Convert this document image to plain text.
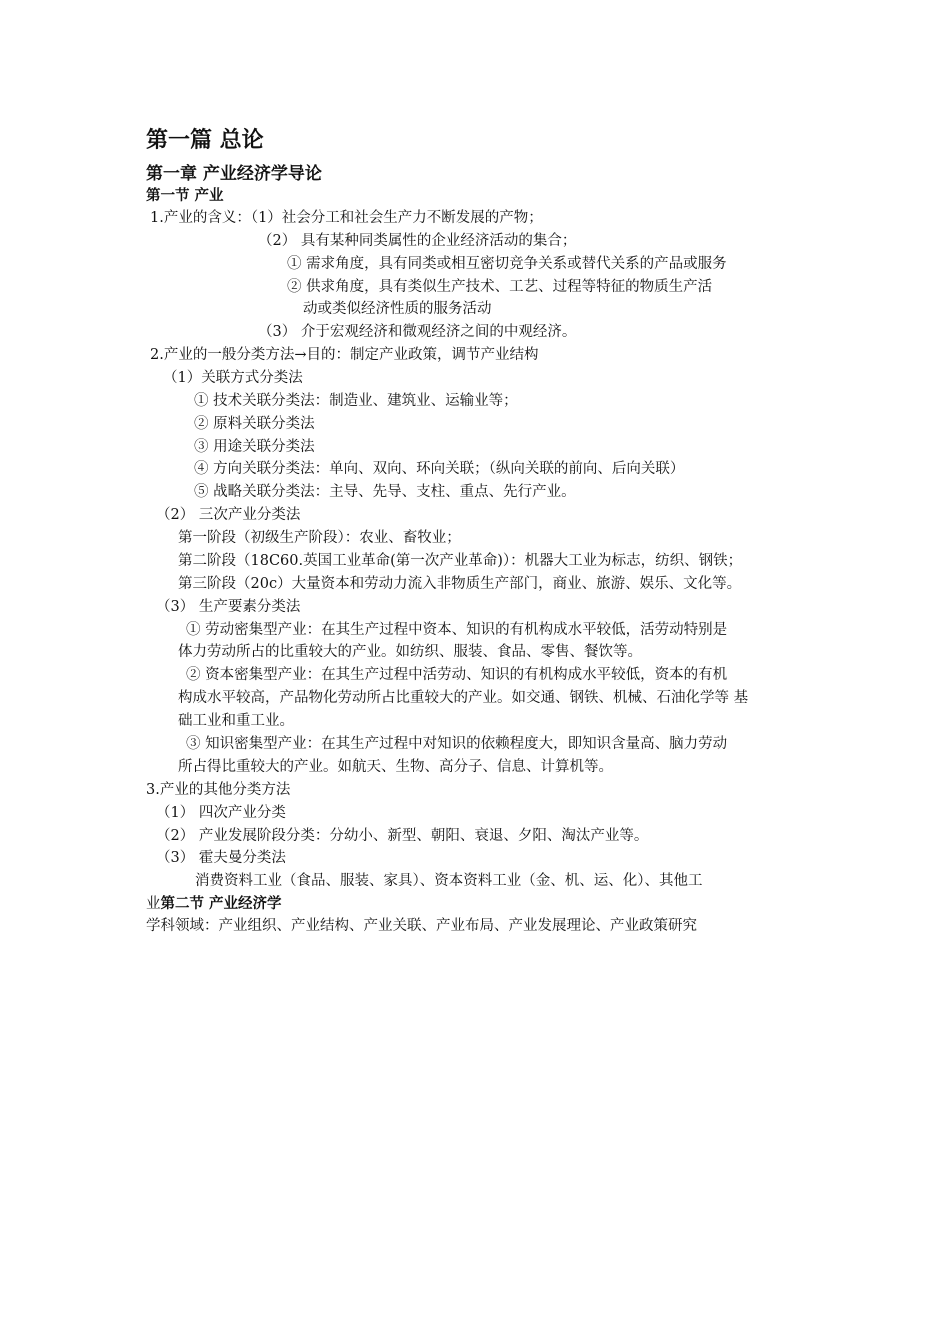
第一篇 总论
第一章 产业经济学导论
第一节 产业
1.产业的含义：（1）社会分工和社会生产力不断发展的产物；
（2） 具有某种同类属性的企业经济活动的集合；
① 需求角度，具有同类或相互密切竞争关系或替代关系的产品或服务
② 供求角度，具有类似生产技术、工艺、过程等特征的物质生产活
动或类似经济性质的服务活动
（3） 介于宏观经济和微观经济之间的中观经济。
2.产业的一般分类方法→目的：制定产业政策，调节产业结构
（1）关联方式分类法
① 技术关联分类法：制造业、建筑业、运输业等；
② 原料关联分类法
③ 用途关联分类法
④ 方向关联分类法：单向、双向、环向关联；（纵向关联的前向、后向关联）
⑤ 战略关联分类法：主导、先导、支柱、重点、先行产业。
（2） 三次产业分类法
第一阶段（初级生产阶段）：农业、畜牧业；
第二阶段（18C60.英国工业革命(第一次产业革命)）：机器大工业为标志，纺织、钢铁；
第三阶段（20c）大量资本和劳动力流入非物质生产部门，商业、旅游、娱乐、文化等。
（3） 生产要素分类法
① 劳动密集型产业：在其生产过程中资本、知识的有机构成水平较低，活劳动特别是
体力劳动所占的比重较大的产业。如纺织、服装、食品、零售、餐饮等。
② 资本密集型产业：在其生产过程中活劳动、知识的有机构成水平较低，资本的有机
构成水平较高，产品物化劳动所占比重较大的产业。如交通、钢铁、机械、石油化学等 基
础工业和重工业。
③ 知识密集型产业：在其生产过程中对知识的依赖程度大，即知识含量高、脑力劳动
所占得比重较大的产业。如航天、生物、高分子、信息、计算机等。
3.产业的其他分类方法
（1） 四次产业分类
（2） 产业发展阶段分类：分幼小、新型、朝阳、衰退、夕阳、淘汰产业等。
（3） 霍夫曼分类法
消费资料工业（食品、服装、家具）、资本资料工业（金、机、运、化）、其他工
业第二节 产业经济学
学科领域：产业组织、产业结构、产业关联、产业布局、产业发展理论、产业政策研究
